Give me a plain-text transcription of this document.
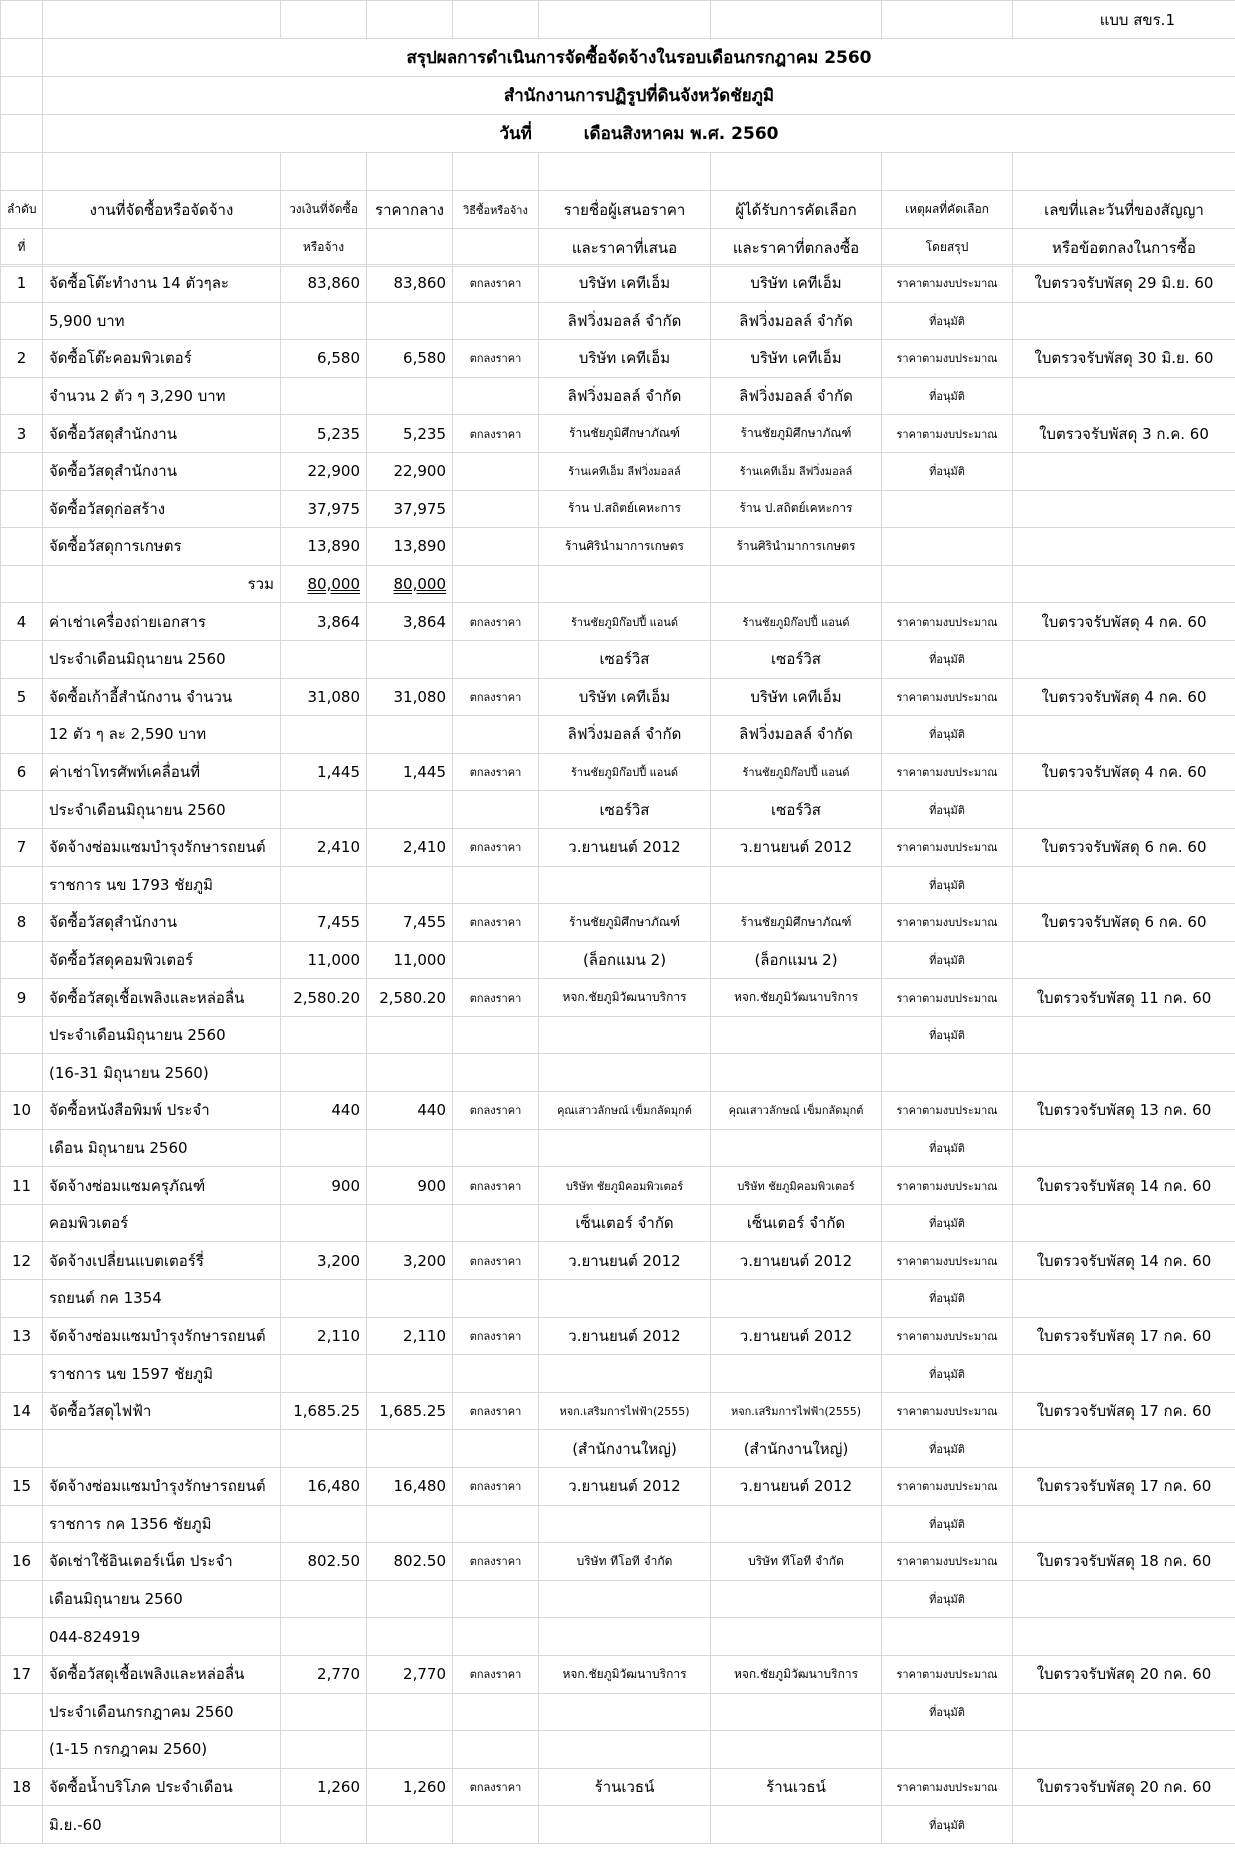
								แบบ สขร.1
	สรุปผลการดำเนินการจัดซื้อจัดจ้างในรอบเดือนกรกฎาคม 2560							
	สำนักงานการปฏิรูปที่ดินจังหวัดชัยภูมิ							
	วันที่ เดือนสิงหาคม พ.ศ. 2560							

ลำดับ	งานที่จัดซื้อหรือจัดจ้าง	วงเงินที่จัดซื้อ	ราคากลาง	วิธีซื้อหรือจ้าง	รายชื่อผู้เสนอราคา	ผู้ได้รับการคัดเลือก	เหตุผลที่คัดเลือก	เลขที่และวันที่ของสัญญา
ที่		หรือจ้าง			และราคาที่เสนอ	และราคาที่ตกลงซื้อ	โดยสรุป	หรือข้อตกลงในการซื้อ
1	จัดซื้อโต๊ะทำงาน 14 ตัวๆละ	83,860	83,860	ตกลงราคา	บริษัท เคทีเอ็ม	บริษัท เคทีเอ็ม	ราคาตามงบประมาณ	ใบตรวจรับพัสดุ 29 มิ.ย. 60
	5,900 บาท				ลิฟวิ่งมอลล์ จำกัด	ลิฟวิ่งมอลล์ จำกัด	ที่อนุมัติ	
2	จัดซื้อโต๊ะคอมพิวเตอร์	6,580	6,580	ตกลงราคา	บริษัท เคทีเอ็ม	บริษัท เคทีเอ็ม	ราคาตามงบประมาณ	ใบตรวจรับพัสดุ 30 มิ.ย. 60
	จำนวน 2 ตัว ๆ 3,290 บาท				ลิฟวิ่งมอลล์ จำกัด	ลิฟวิ่งมอลล์ จำกัด	ที่อนุมัติ	
3	จัดซื้อวัสดุสำนักงาน	5,235	5,235	ตกลงราคา	ร้านชัยภูมิศึกษาภัณฑ์	ร้านชัยภูมิศึกษาภัณฑ์	ราคาตามงบประมาณ	ใบตรวจรับพัสดุ 3 ก.ค. 60
	จัดซื้อวัสดุสำนักงาน	22,900	22,900		ร้านเคทีเอ็ม ลีฟวิ่งมอลล์	ร้านเคทีเอ็ม ลีฟวิ่งมอลล์	ที่อนุมัติ	
	จัดซื้อวัสดุก่อสร้าง	37,975	37,975		ร้าน ป.สถิตย์เคหะการ	ร้าน ป.สถิตย์เคหะการ		
	จัดซื้อวัสดุการเกษตร	13,890	13,890		ร้านศิรินำมาการเกษตร	ร้านศิรินำมาการเกษตร		
	รวม	80,000	80,000					
4	ค่าเช่าเครื่องถ่ายเอกสาร	3,864	3,864	ตกลงราคา	ร้านชัยภูมิก๊อปปี้ แอนด์	ร้านชัยภูมิก๊อปปี้ แอนด์	ราคาตามงบประมาณ	ใบตรวจรับพัสดุ 4 กค. 60
	ประจำเดือนมิถุนายน 2560				เซอร์วิส	เซอร์วิส	ที่อนุมัติ	
5	จัดซื้อเก้าอี้สำนักงาน จำนวน	31,080	31,080	ตกลงราคา	บริษัท เคทีเอ็ม	บริษัท เคทีเอ็ม	ราคาตามงบประมาณ	ใบตรวจรับพัสดุ 4 กค. 60
	12 ตัว ๆ ละ 2,590 บาท				ลิฟวิ่งมอลล์ จำกัด	ลิฟวิ่งมอลล์ จำกัด	ที่อนุมัติ	
6	ค่าเช่าโทรศัพท์เคลื่อนที่	1,445	1,445	ตกลงราคา	ร้านชัยภูมิก๊อปปี้ แอนด์	ร้านชัยภูมิก๊อปปี้ แอนด์	ราคาตามงบประมาณ	ใบตรวจรับพัสดุ 4 กค. 60
	ประจำเดือนมิถุนายน 2560				เซอร์วิส	เซอร์วิส	ที่อนุมัติ	
7	จัดจ้างซ่อมแซมบำรุงรักษารถยนต์	2,410	2,410	ตกลงราคา	ว.ยานยนต์ 2012	ว.ยานยนต์ 2012	ราคาตามงบประมาณ	ใบตรวจรับพัสดุ 6 กค. 60
	ราชการ นข 1793 ชัยภูมิ						ที่อนุมัติ	
8	จัดซื้อวัสดุสำนักงาน	7,455	7,455	ตกลงราคา	ร้านชัยภูมิศึกษาภัณฑ์	ร้านชัยภูมิศึกษาภัณฑ์	ราคาตามงบประมาณ	ใบตรวจรับพัสดุ 6 กค. 60
	จัดซื้อวัสดุคอมพิวเตอร์	11,000	11,000		(ล็อกแมน 2)	(ล็อกแมน 2)	ที่อนุมัติ	
9	จัดซื้อวัสดุเชื้อเพลิงและหล่อลื่น	2,580.20	2,580.20	ตกลงราคา	หจก.ชัยภูมิวัฒนาบริการ	หจก.ชัยภูมิวัฒนาบริการ	ราคาตามงบประมาณ	ใบตรวจรับพัสดุ 11 กค. 60
	ประจำเดือนมิถุนายน 2560						ที่อนุมัติ	
	(16-31 มิถุนายน 2560)							
10	จัดซื้อหนังสือพิมพ์ ประจำ	440	440	ตกลงราคา	คุณเสาวลักษณ์ เข็มกลัดมุกต์	คุณเสาวลักษณ์ เข็มกลัดมุกต์	ราคาตามงบประมาณ	ใบตรวจรับพัสดุ 13 กค. 60
	เดือน มิถุนายน 2560						ที่อนุมัติ	
11	จัดจ้างซ่อมแซมครุภัณฑ์	900	900	ตกลงราคา	บริษัท ชัยภูมิคอมพิวเตอร์	บริษัท ชัยภูมิคอมพิวเตอร์	ราคาตามงบประมาณ	ใบตรวจรับพัสดุ 14 กค. 60
	คอมพิวเตอร์				เซ็นเตอร์ จำกัด	เซ็นเตอร์ จำกัด	ที่อนุมัติ	
12	จัดจ้างเปลี่ยนแบตเตอร์รี่	3,200	3,200	ตกลงราคา	ว.ยานยนต์ 2012	ว.ยานยนต์ 2012	ราคาตามงบประมาณ	ใบตรวจรับพัสดุ 14 กค. 60
	รถยนต์ กค 1354						ที่อนุมัติ	
13	จัดจ้างซ่อมแซมบำรุงรักษารถยนต์	2,110	2,110	ตกลงราคา	ว.ยานยนต์ 2012	ว.ยานยนต์ 2012	ราคาตามงบประมาณ	ใบตรวจรับพัสดุ 17 กค. 60
	ราชการ นข 1597 ชัยภูมิ						ที่อนุมัติ	
14	จัดซื้อวัสดุไฟฟ้า	1,685.25	1,685.25	ตกลงราคา	หจก.เสริมการไฟฟ้า(2555)	หจก.เสริมการไฟฟ้า(2555)	ราคาตามงบประมาณ	ใบตรวจรับพัสดุ 17 กค. 60
					(สำนักงานใหญ่)	(สำนักงานใหญ่)	ที่อนุมัติ	
15	จัดจ้างซ่อมแซมบำรุงรักษารถยนต์	16,480	16,480	ตกลงราคา	ว.ยานยนต์ 2012	ว.ยานยนต์ 2012	ราคาตามงบประมาณ	ใบตรวจรับพัสดุ 17 กค. 60
	ราชการ กค 1356 ชัยภูมิ						ที่อนุมัติ	
16	จัดเช่าใช้อินเตอร์เน็ต ประจำ	802.50	802.50	ตกลงราคา	บริษัท ทีโอที จำกัด	บริษัท ทีโอที จำกัด	ราคาตามงบประมาณ	ใบตรวจรับพัสดุ 18 กค. 60
	เดือนมิถุนายน 2560						ที่อนุมัติ	
	044-824919							
17	จัดซื้อวัสดุเชื้อเพลิงและหล่อลื่น	2,770	2,770	ตกลงราคา	หจก.ชัยภูมิวัฒนาบริการ	หจก.ชัยภูมิวัฒนาบริการ	ราคาตามงบประมาณ	ใบตรวจรับพัสดุ 20 กค. 60
	ประจำเดือนกรกฎาคม 2560						ที่อนุมัติ	
	(1-15 กรกฎาคม 2560)							
18	จัดซื้อน้ำบริโภค ประจำเดือน	1,260	1,260	ตกลงราคา	ร้านเวธน์	ร้านเวธน์	ราคาตามงบประมาณ	ใบตรวจรับพัสดุ 20 กค. 60
	มิ.ย.-60						ที่อนุมัติ	
